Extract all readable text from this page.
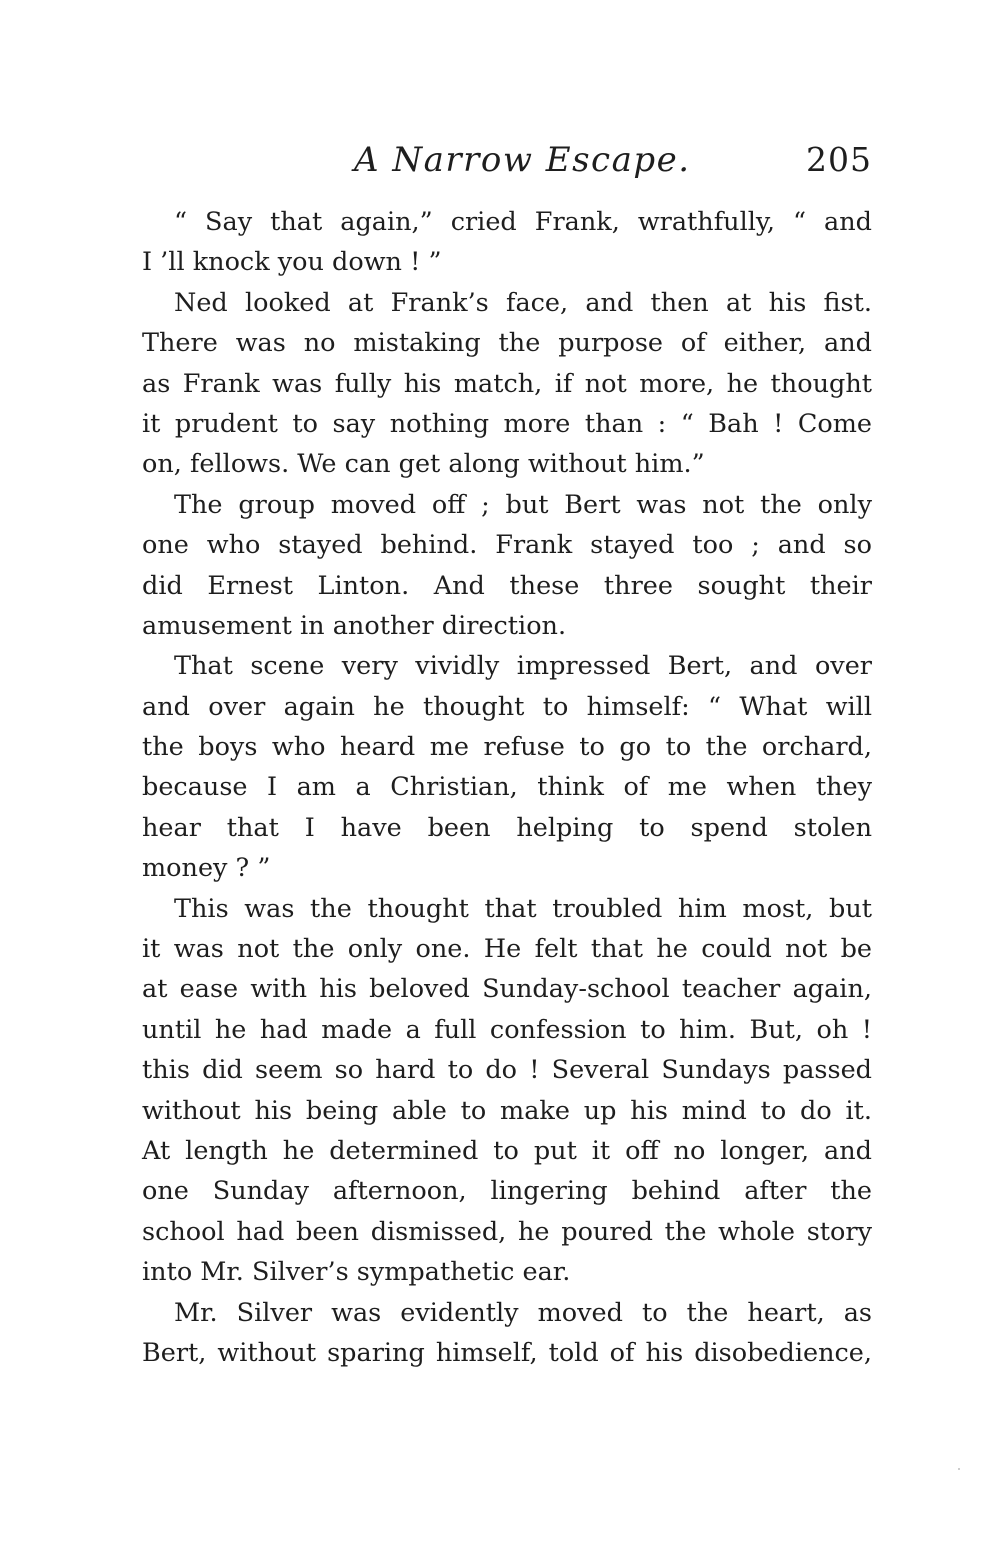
A Narrow Escape.	205
“ Say that again,” cried Frank, wrathfully, “ and
I ’ll knock you down ! ”
Ned looked at Frank’s face, and then at his fist.
There was no mistaking the purpose of either, and
as Frank was fully his match, if not more, he thought
it prudent to say nothing more than : “ Bah ! Come
on, fellows. We can get along without him.”
The group moved off ; but Bert was not the only
one who stayed behind. Frank stayed too ; and so
did Ernest Linton. And these three sought their
amusement in another direction.
That scene very vividly impressed Bert, and over
and over again he thought to himself: “ What will
the boys who heard me refuse to go to the orchard,
because I am a Christian, think of me when they
hear that I have been helping to spend stolen
money ? ”
This was the thought that troubled him most, but
it was not the only one. He felt that he could not be
at ease with his beloved Sunday-school teacher again,
until he had made a full confession to him. But, oh !
this did seem so hard to do ! Several Sundays passed
without his being able to make up his mind to do it.
At length he determined to put it off no longer, and
one Sunday afternoon, lingering behind after the
school had been dismissed, he poured the whole story
into Mr. Silver’s sympathetic ear.
Mr. Silver was evidently moved to the heart, as
Bert, without sparing himself, told of his disobedience,
